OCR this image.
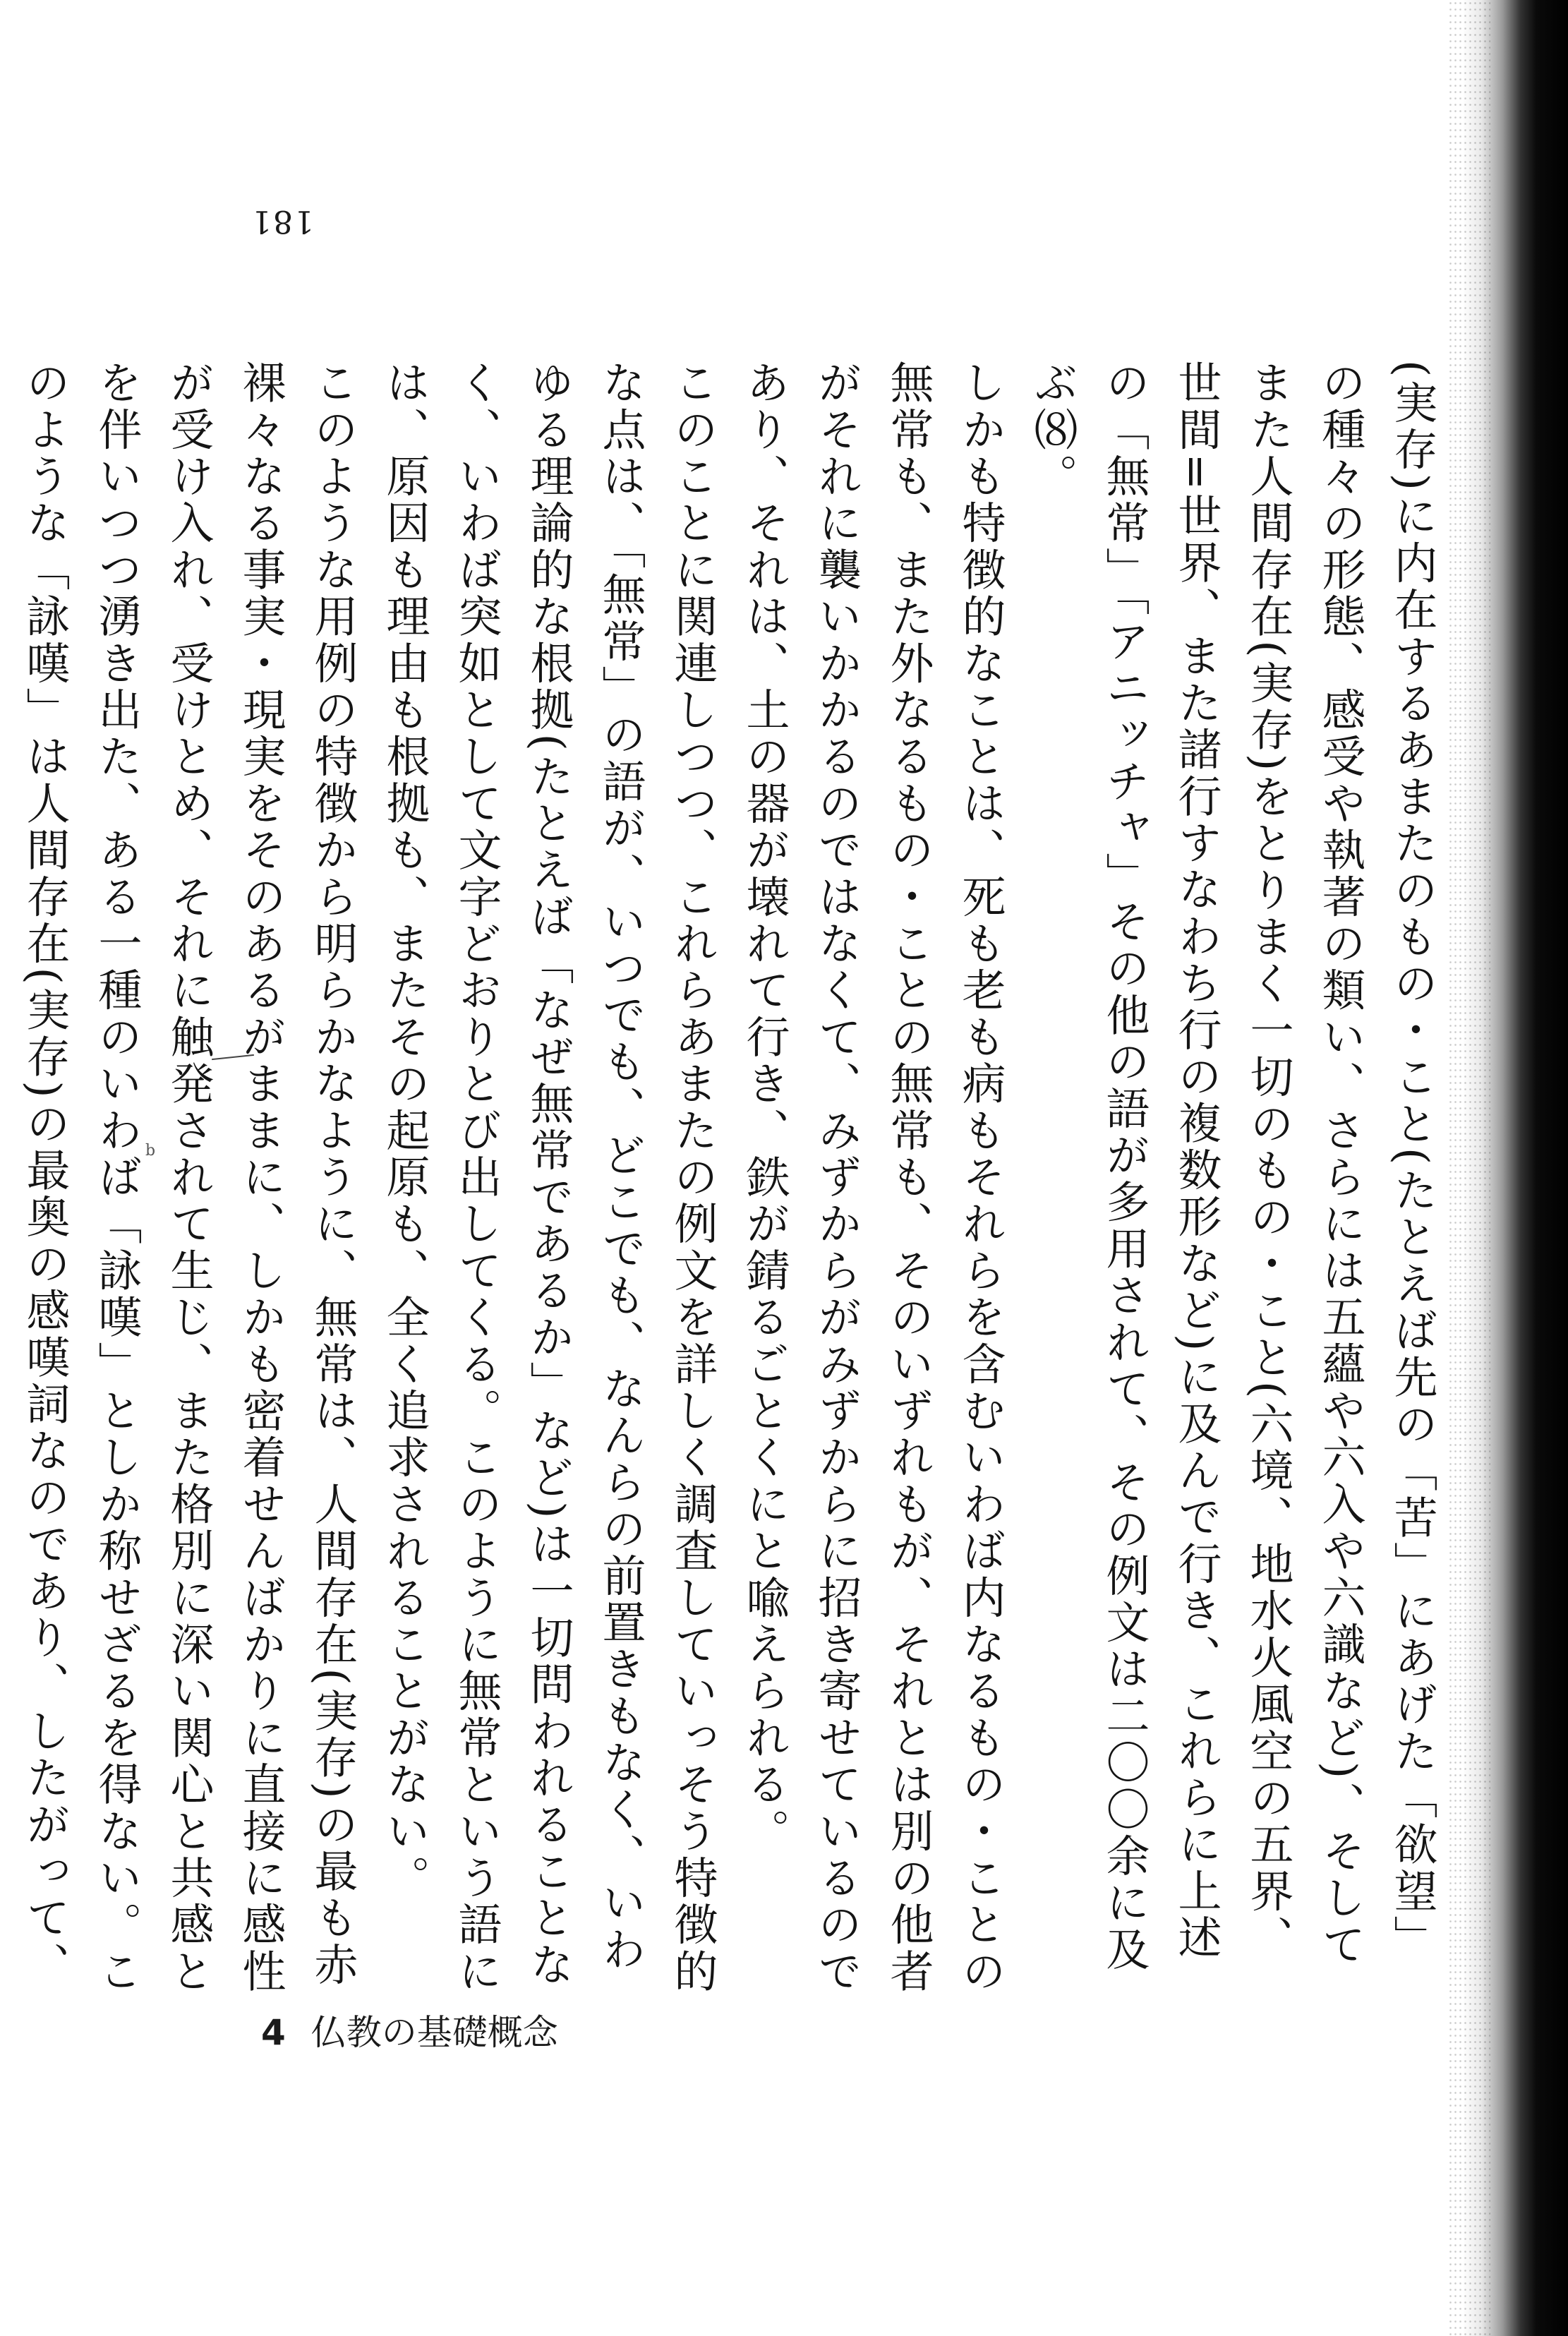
181
b	(実存)に内在するあまたのもの・こと(たとえば先の「苦」にあげた「欲望」の種々の形態、感受や執著の類い、さらには五蘊や六入や六識など)、そしてまた人間存在(実存)をとりまく一切のもの・こと(六境、地水火風空の五界、世間=世界、また諸行すなわち行の複数形など)に及んで行き、これらに上述の「無常」「アニッチャ」その他の語が多用されて、その例文は二〇〇余に及ぶ⑻。

しかも特徴的なことは、死も老も病もそれらを含むいわば内なるもの・ことの無常も、また外なるもの・ことの無常も、そのいずれもが、それとは別の他者がそれに襲いかかるのではなくて、みずからがみずからに招き寄せているのであり、それは、土の器が壊れて行き、鉄が錆るごとくにと喩えられる。

このことに関連しつつ、これらあまたの例文を詳しく調査していっそう特徴的な点は、「無常」の語が、いつでも、どこでも、なんらの前置きもなく、いわゆる理論的な根拠(たとえば「なぜ無常であるか」など)は一切問われることなく、いわば突如として文字どおりとび出してくる。このように無常という語には、原因も理由も根拠も、またその起原も、全く追求されることがない。

このような用例の特徴から明らかなように、無常は、人間存在(実存)の最も赤裸々なる事実・現実をそのあるがままに、しかも密着せんばかりに直接に感性が受け入れ、受けとめ、それに触発されて生じ、また格別に深い関心と共感とを伴いつつ湧き出た、ある一種のいわば「詠嘆」としか称せざるを得ない。このような「詠嘆」は人間存在(実存)の最奥の感嘆詞なのであり、したがって、

4 仏教の基礎概念
